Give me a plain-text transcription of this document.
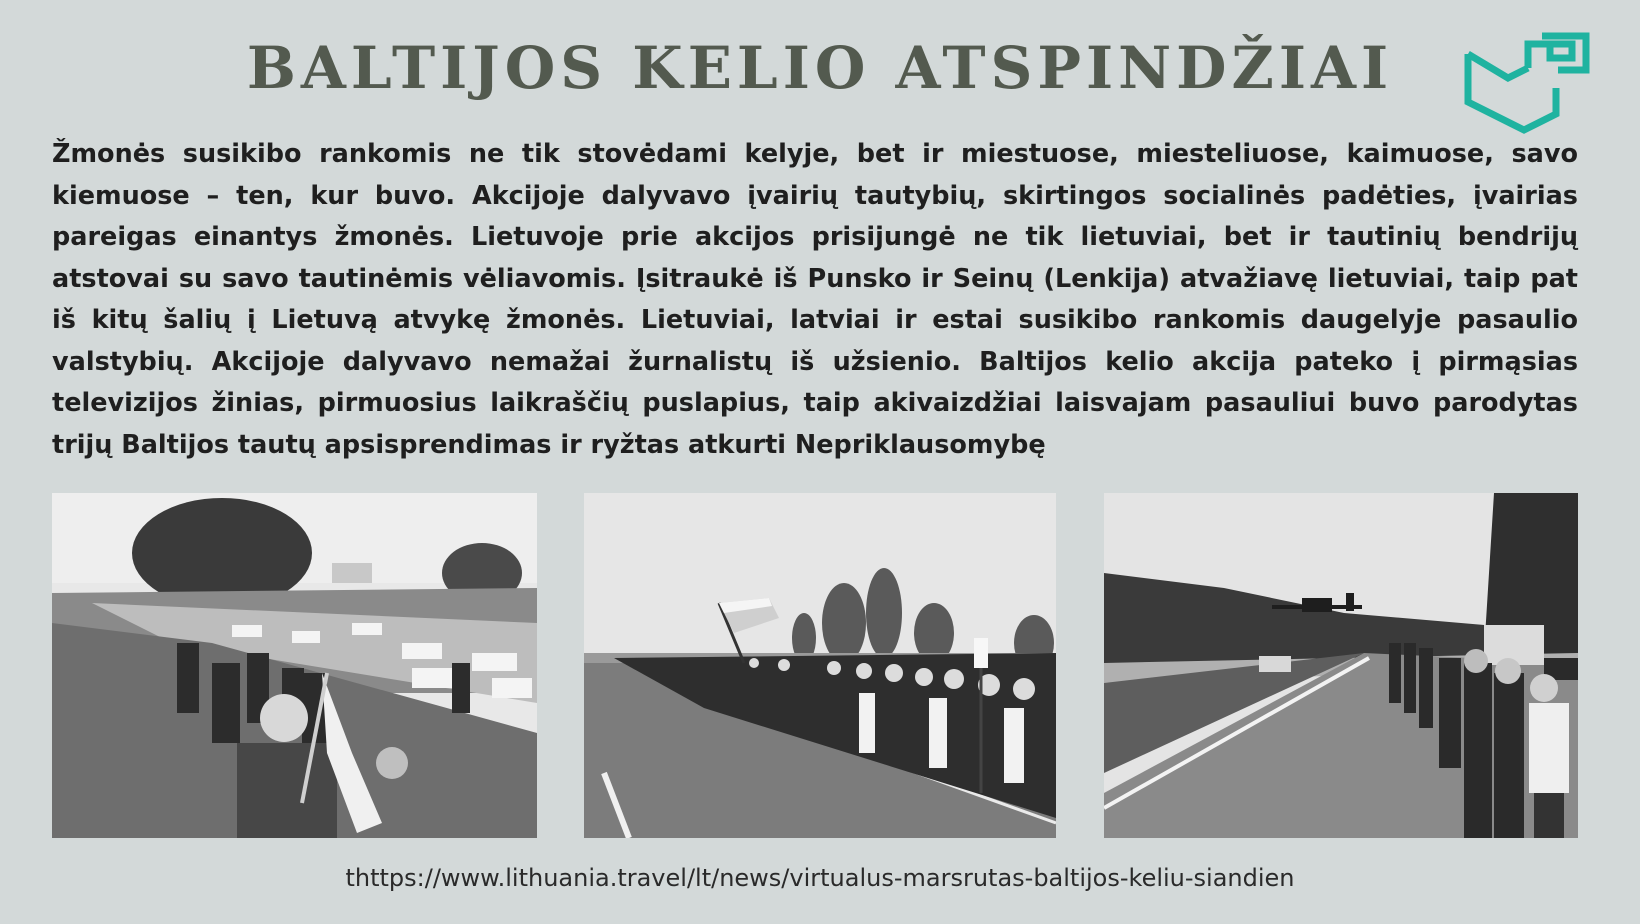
BALTIJOS KELIO ATSPINDŽIAI

Žmonės susikibo rankomis ne tik stovėdami kelyje, bet ir miestuose, miesteliuose, kaimuose, savo kiemuose – ten, kur buvo. Akcijoje dalyvavo įvairių tautybių, skirtingos socialinės padėties, įvairias pareigas einantys žmonės. Lietuvoje prie akcijos prisijungė ne tik lietuviai, bet ir tautinių bendrijų atstovai su savo tautinėmis vėliavomis. Įsitraukė iš Punsko ir Seinų (Lenkija) atvažiavę lietuviai, taip pat iš kitų šalių į Lietuvą atvykę žmonės. Lietuviai, latviai ir estai susikibo rankomis daugelyje pasaulio valstybių. Akcijoje dalyvavo nemažai žurnalistų iš užsienio. Baltijos kelio akcija pateko į pirmąsias televizijos žinias, pirmuosius laikraščių puslapius, taip akivaizdžiai laisvajam pasauliui buvo parodytas trijų Baltijos tautų apsisprendimas ir ryžtas atkurti Nepriklausomybę

thttps://www.lithuania.travel/lt/news/virtualus-marsrutas-baltijos-keliu-siandien
